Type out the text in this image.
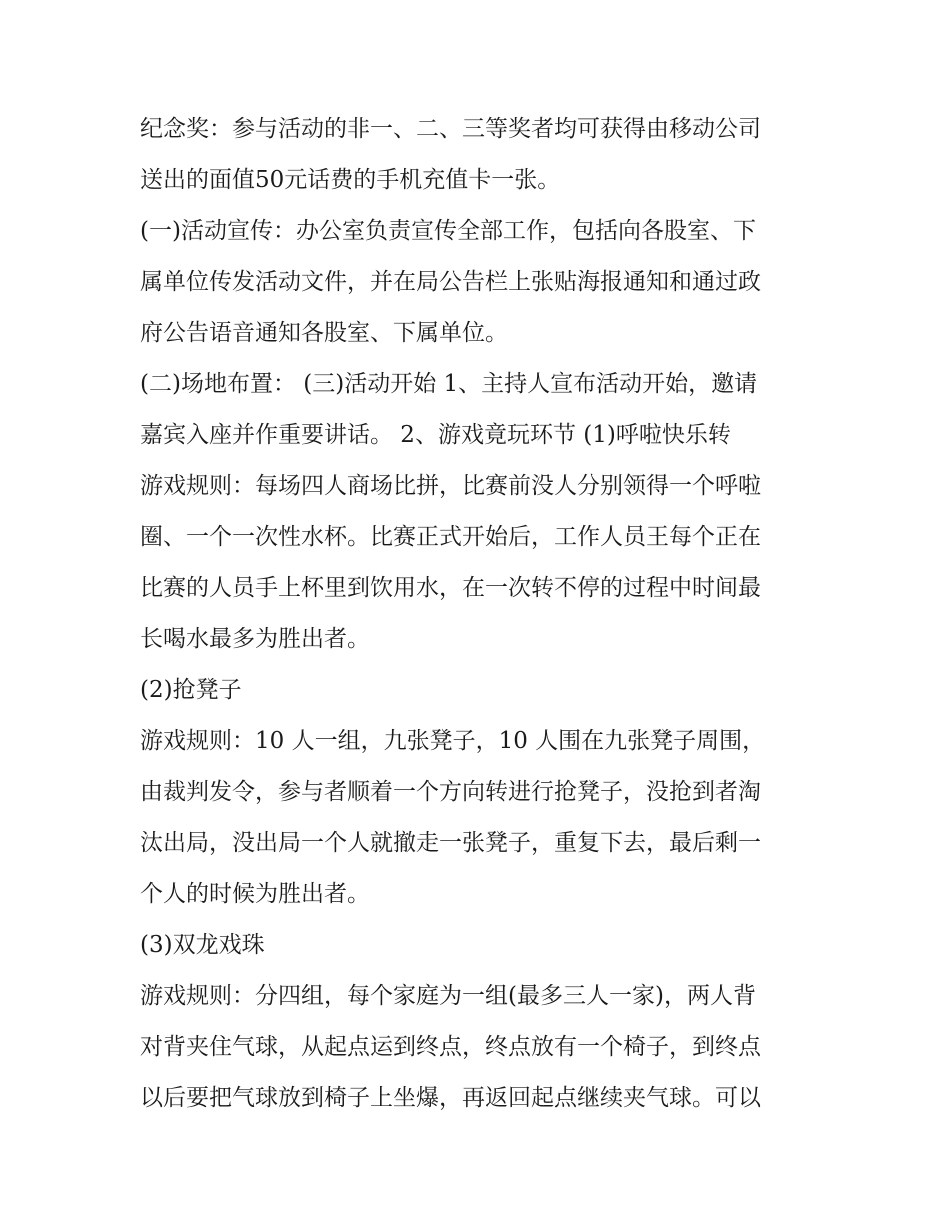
纪念奖：参与活动的非一、二、三等奖者均可获得由移动公司
送出的面值50元话费的手机充值卡一张。
(一)活动宣传：办公室负责宣传全部工作，包括向各股室、下
属单位传发活动文件，并在局公告栏上张贴海报通知和通过政
府公告语音通知各股室、下属单位。
(二)场地布置： (三)活动开始 1、主持人宣布活动开始，邀请
嘉宾入座并作重要讲话。 2、游戏竟玩环节 (1)呼啦快乐转
游戏规则：每场四人商场比拼，比赛前没人分别领得一个呼啦
圈、一个一次性水杯。比赛正式开始后，工作人员王每个正在
比赛的人员手上杯里到饮用水，在一次转不停的过程中时间最
长喝水最多为胜出者。
(2)抢凳子
游戏规则：10 人一组，九张凳子，10 人围在九张凳子周围，
由裁判发令，参与者顺着一个方向转进行抢凳子，没抢到者淘
汰出局，没出局一个人就撤走一张凳子，重复下去，最后剩一
个人的时候为胜出者。
(3)双龙戏珠
游戏规则：分四组，每个家庭为一组(最多三人一家)，两人背
对背夹住气球，从起点运到终点，终点放有一个椅子，到终点
以后要把气球放到椅子上坐爆，再返回起点继续夹气球。可以
